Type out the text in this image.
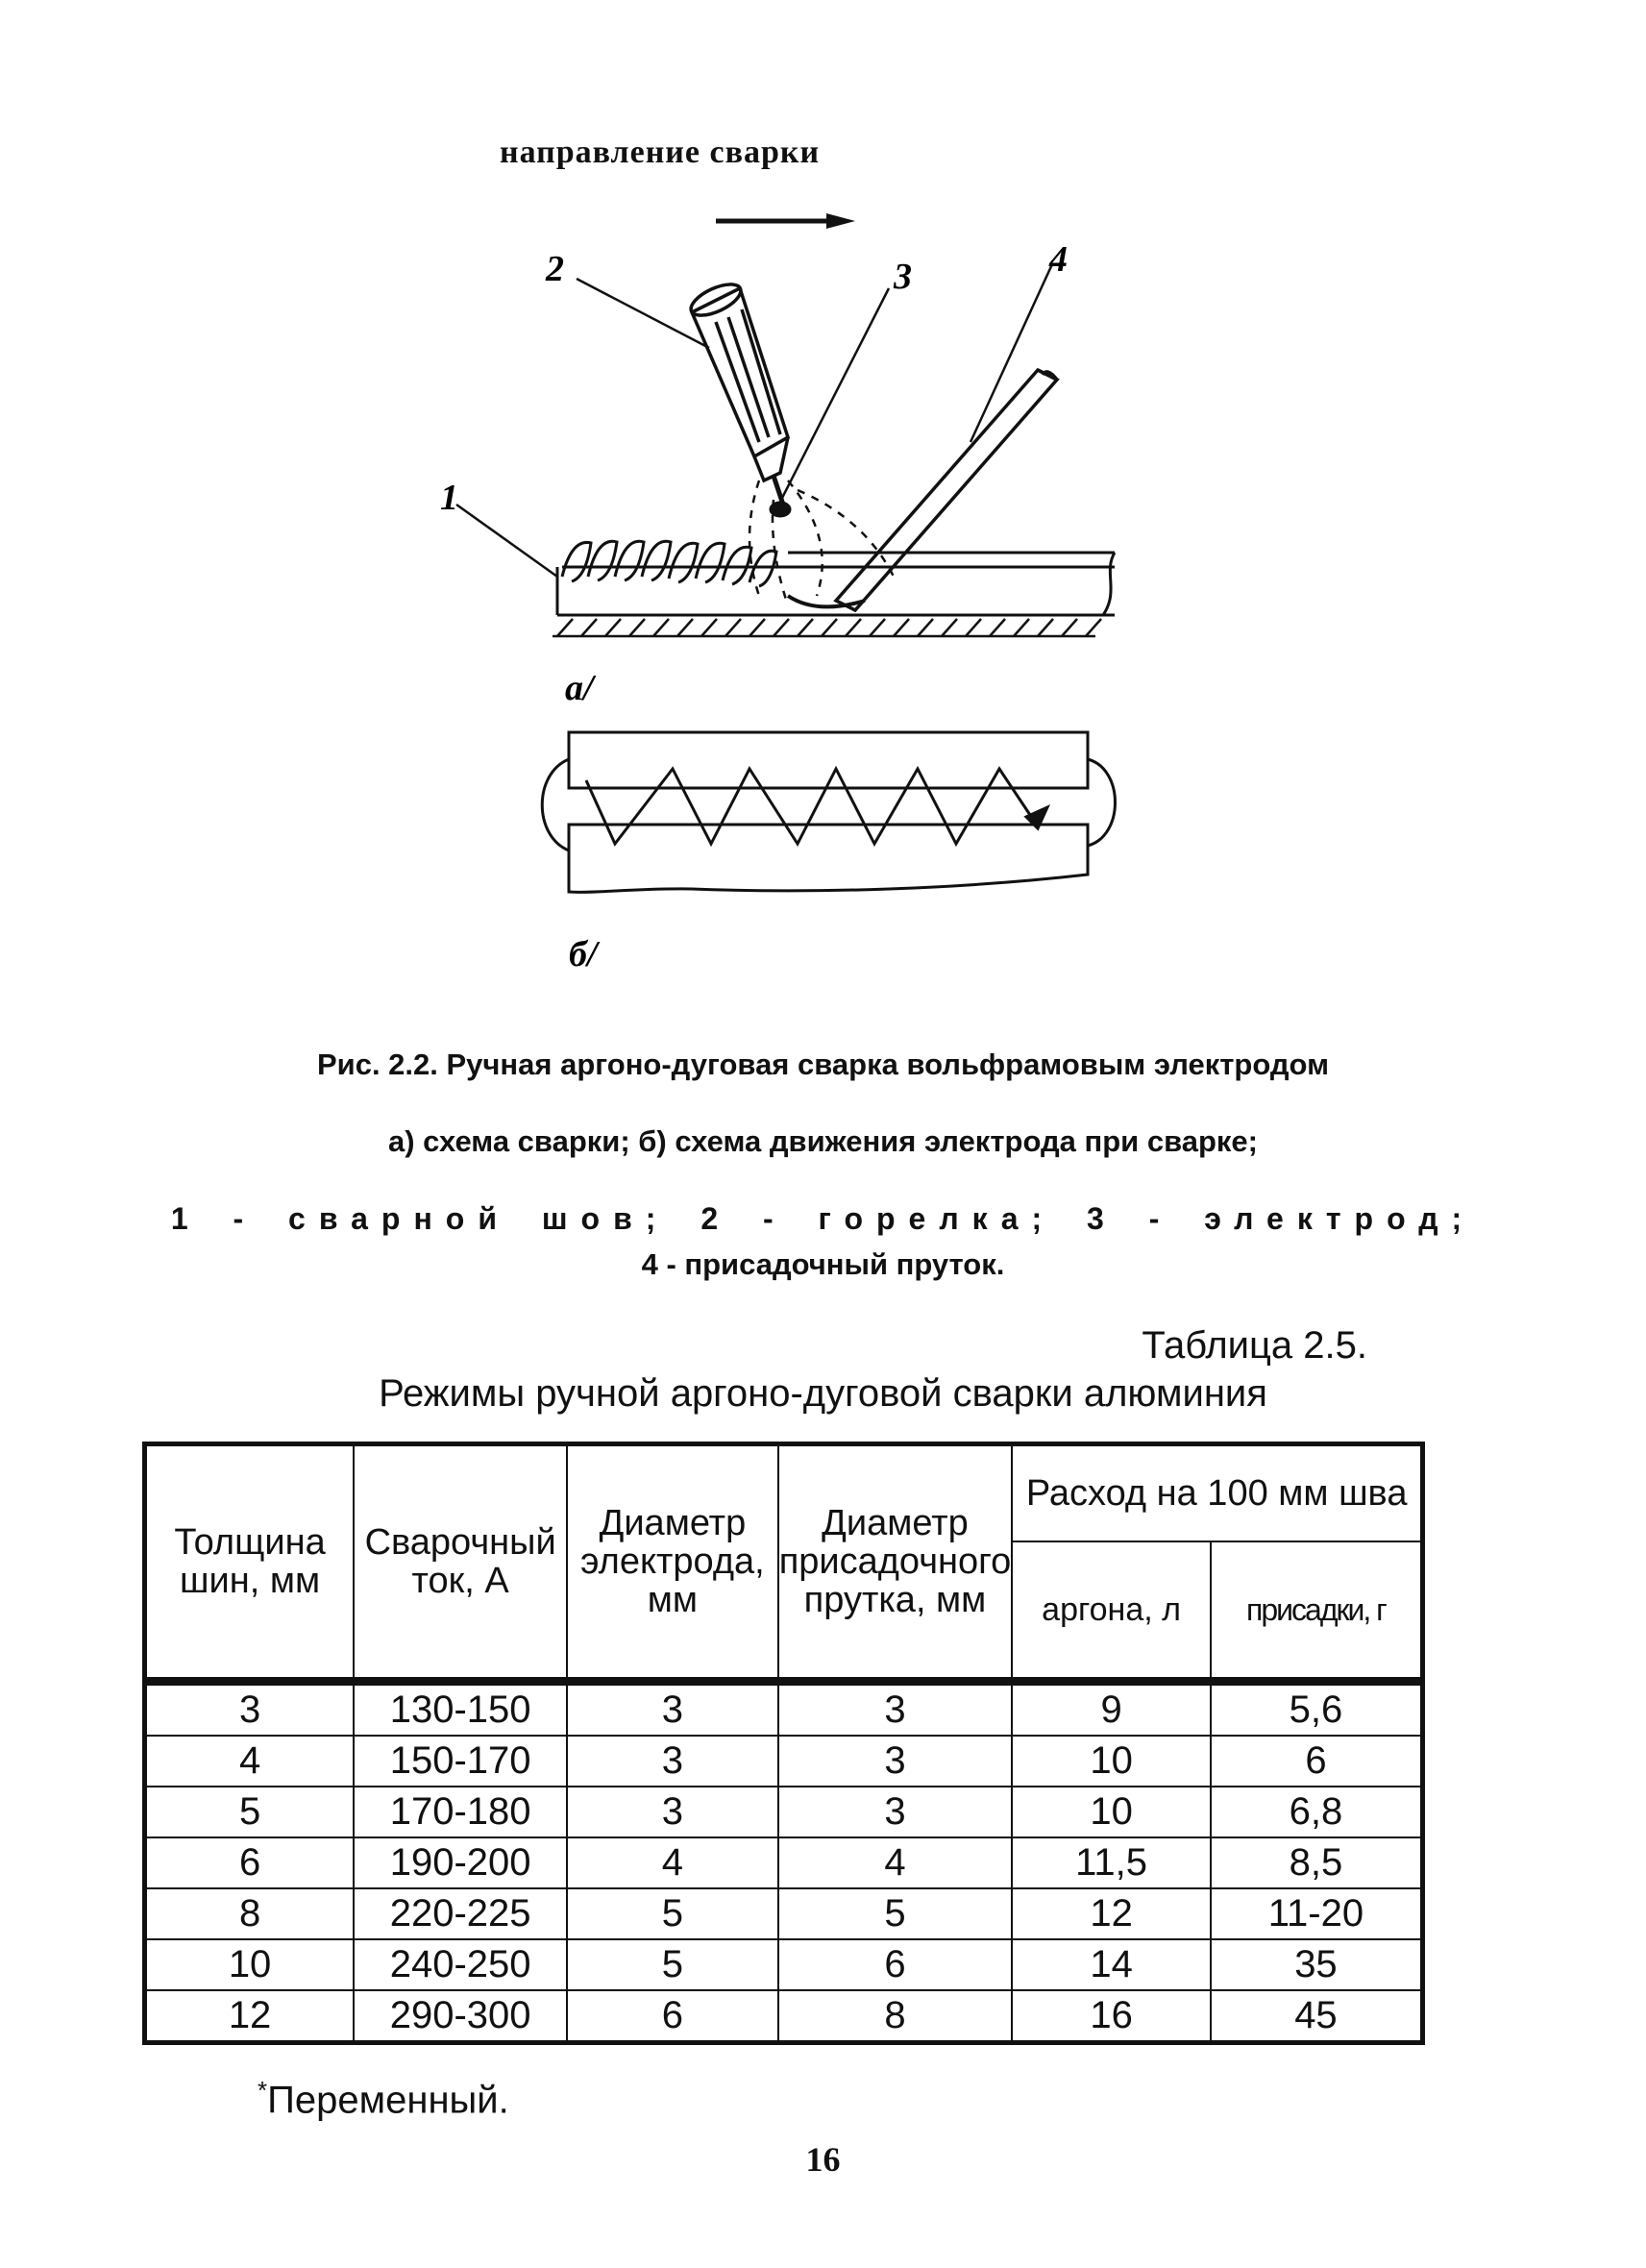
направление сварки
2	3	4
1
а/
б/
Рис. 2.2. Ручная аргоно-дуговая сварка вольфрамовым электродом
а) схема сварки; б) схема движения электрода при сварке;
1 - сварной шов; 2 - горелка; 3 - электрод;
4 - присадочный пруток.
Таблица 2.5.
Режимы ручной аргоно-дуговой сварки алюминия
Толщина шин, мм	Сварочный ток, А	Диаметр электрода, мм	Диаметр присадочного прутка, мм	Расход на 100 мм шва	
				аргона, л	присадки, г
3	130-150	3	3	9	5,6
4	150-170	3	3	10	6
5	170-180	3	3	10	6,8
6	190-200	4	4	11,5	8,5
8	220-225	5	5	12	11-20
10	240-250	5	6	14	35
12	290-300	6	8	16	45
*Переменный.
16
